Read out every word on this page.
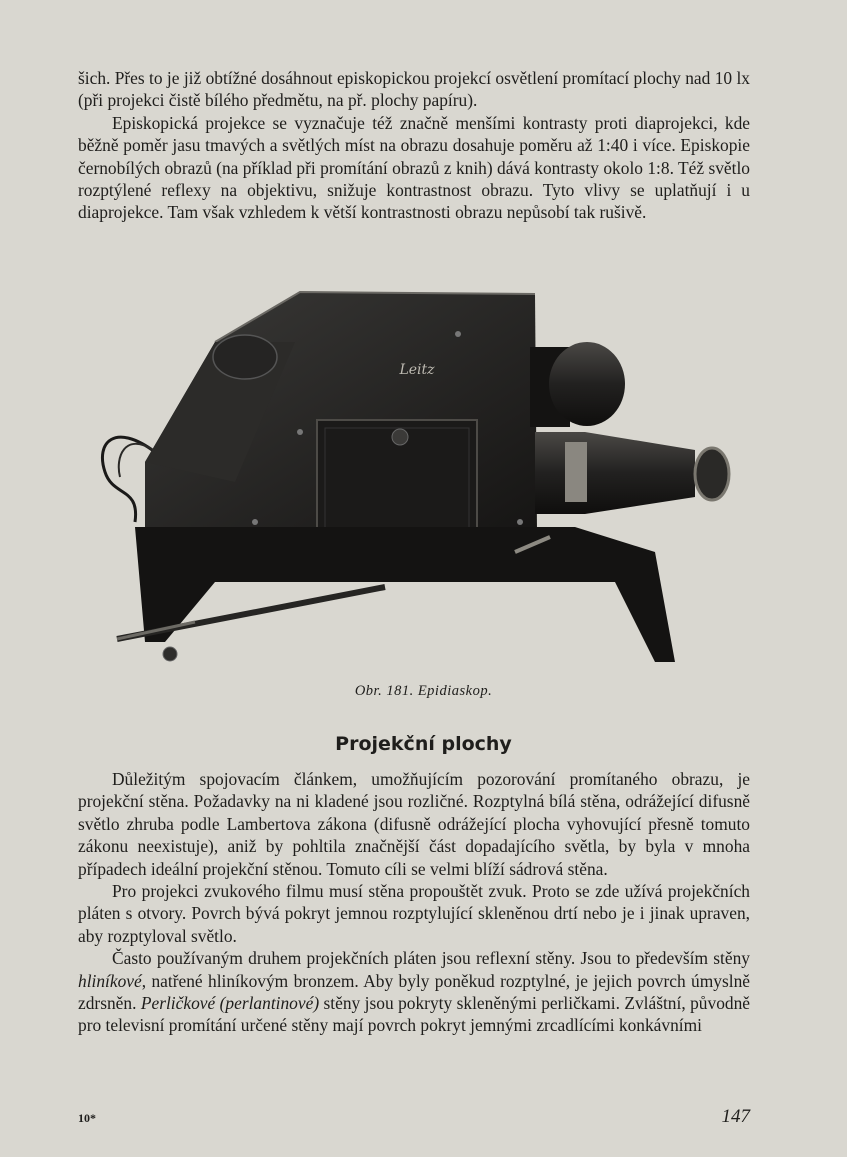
šich. Přes to je již obtížné dosáhnout episkopickou projekcí osvětlení promítací plochy nad 10 lx (při projekci čistě bílého předmětu, na př. plochy papíru).

Episkopická projekce se vyznačuje též značně menšími kontrasty proti diaprojekci, kde běžně poměr jasu tmavých a světlých míst na obrazu dosahuje poměru až 1:40 i více. Episkopie černobílých obrazů (na příklad při promítání obrazů z knih) dává kontrasty okolo 1:8. Též světlo rozptýlené reflexy na objektivu, snižuje kontrastnost obrazu. Tyto vlivy se uplatňují i u diaprojekce. Tam však vzhledem k větší kontrastnosti obrazu nepůsobí tak rušivě.

Leitz
Obr. 181. Epidiaskop.
Projekční plochy

Důležitým spojovacím článkem, umožňujícím pozorování promítaného obrazu, je projekční stěna. Požadavky na ni kladené jsou rozličné. Rozptylná bílá stěna, odrážející difusně světlo zhruba podle Lambertova zákona (difusně odrážející plocha vyhovující přesně tomuto zákonu neexistuje), aniž by pohltila značnější část dopadajícího světla, by byla v mnoha případech ideální projekční stěnou. Tomuto cíli se velmi blíží sádrová stěna.

Pro projekci zvukového filmu musí stěna propouštět zvuk. Proto se zde užívá projekčních pláten s otvory. Povrch bývá pokryt jemnou rozptylující skleněnou drtí nebo je i jinak upraven, aby rozptyloval světlo.

Často používaným druhem projekčních pláten jsou reflexní stěny. Jsou to především stěny hliníkové, natřené hliníkovým bronzem. Aby byly poněkud rozptylné, je jejich povrch úmyslně zdrsněn. Perličkové (perlantinové) stěny jsou pokryty skleněnými perličkami. Zvláštní, původně pro televisní promítání určené stěny mají povrch pokryt jemnými zrcadlícími konkávními

10*	147
